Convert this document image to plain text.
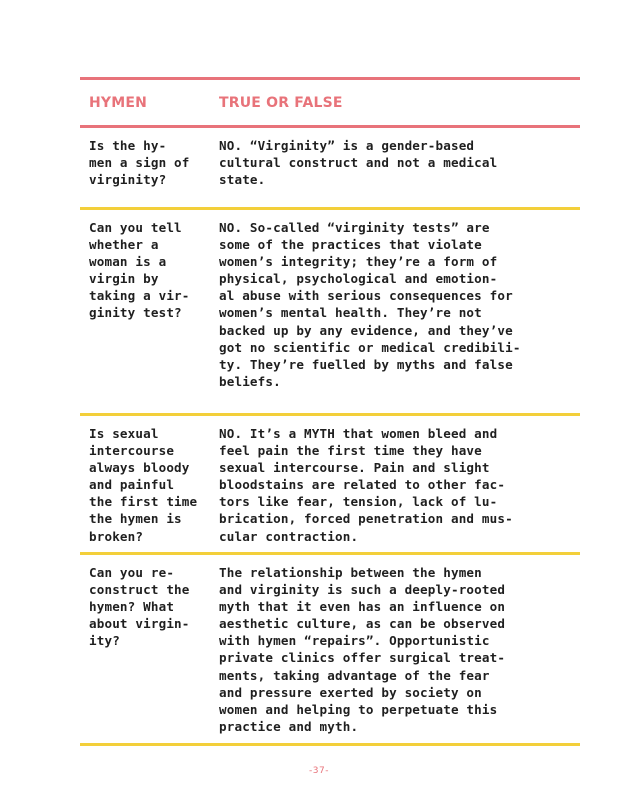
HYMEN	TRUE OR FALSE
Is the hy-
men a sign of
virginity?
NO. “Virginity” is a gender-based
cultural construct and not a medical
state.
Can you tell
whether a
woman is a
virgin by
taking a vir-
ginity test?
NO. So-called “virginity tests” are
some of the practices that violate
women’s integrity; they’re a form of
physical, psychological and emotion-
al abuse with serious consequences for
women’s mental health. They’re not
backed up by any evidence, and they’ve
got no scientific or medical credibili-
ty. They’re fuelled by myths and false
beliefs.
Is sexual
intercourse
always bloody
and painful
the first time
the hymen is
broken?
NO. It’s a MYTH that women bleed and
feel pain the first time they have
sexual intercourse. Pain and slight
bloodstains are related to other fac-
tors like fear, tension, lack of lu-
brication, forced penetration and mus-
cular contraction.
Can you re-
construct the
hymen? What
about virgin-
ity?
The relationship between the hymen
and virginity is such a deeply-rooted
myth that it even has an influence on
aesthetic culture, as can be observed
with hymen “repairs”. Opportunistic
private clinics offer surgical treat-
ments, taking advantage of the fear
and pressure exerted by society on
women and helping to perpetuate this
practice and myth.
-37-
